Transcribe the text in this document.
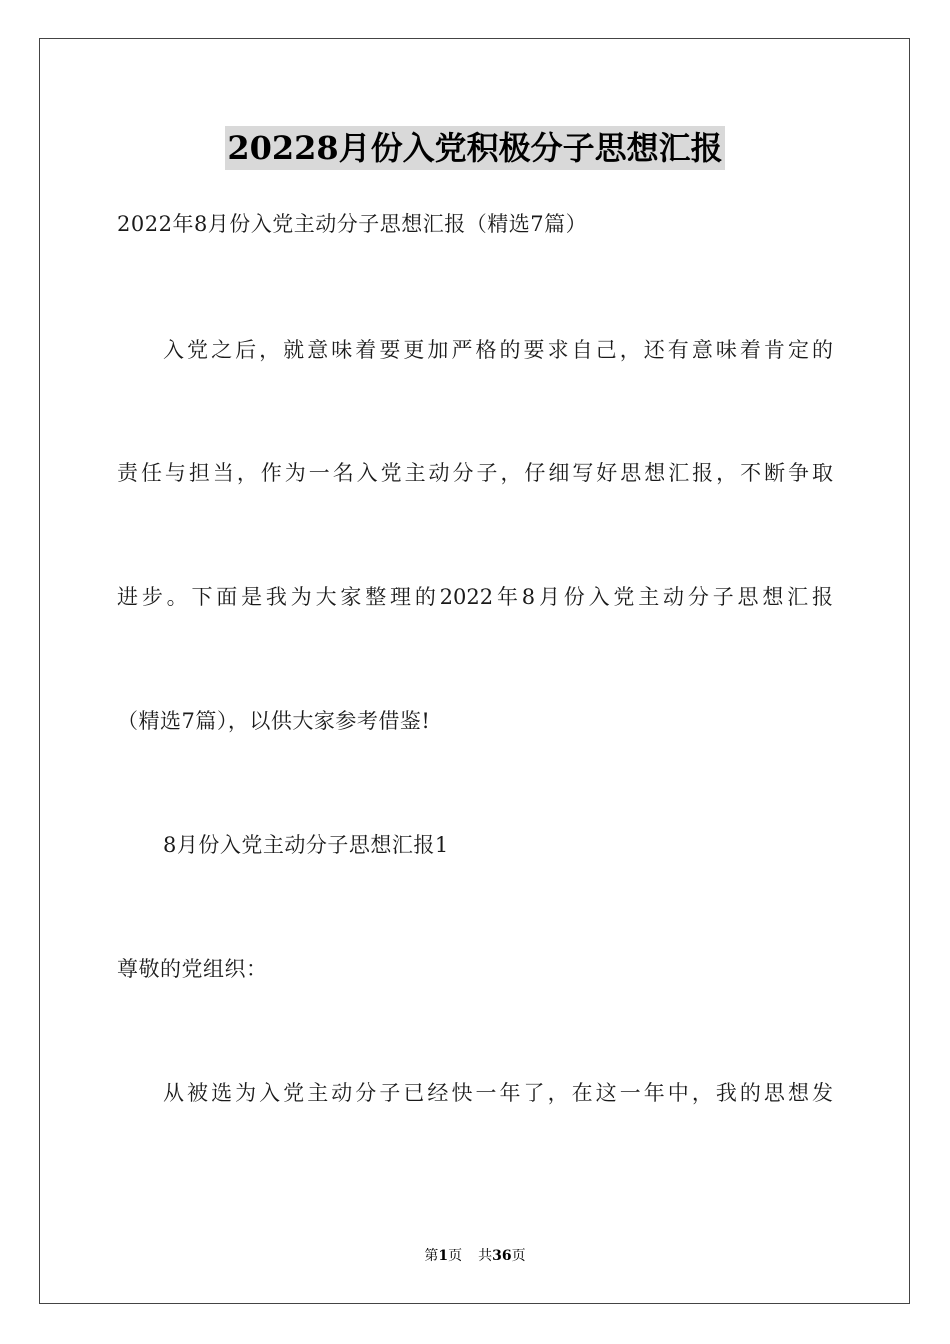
20228月份入党积极分子思想汇报
2022年8月份入党主动分子思想汇报（精选7篇）
入党之后，就意味着要更加严格的要求自己，还有意味着肯定的
责任与担当，作为一名入党主动分子，仔细写好思想汇报，不断争取
进步。下面是我为大家整理的2022年8月份入党主动分子思想汇报
（精选7篇），以供大家参考借鉴!
8月份入党主动分子思想汇报1
尊敬的党组织：
从被选为入党主动分子已经快一年了，在这一年中，我的思想发
第1页 共36页
